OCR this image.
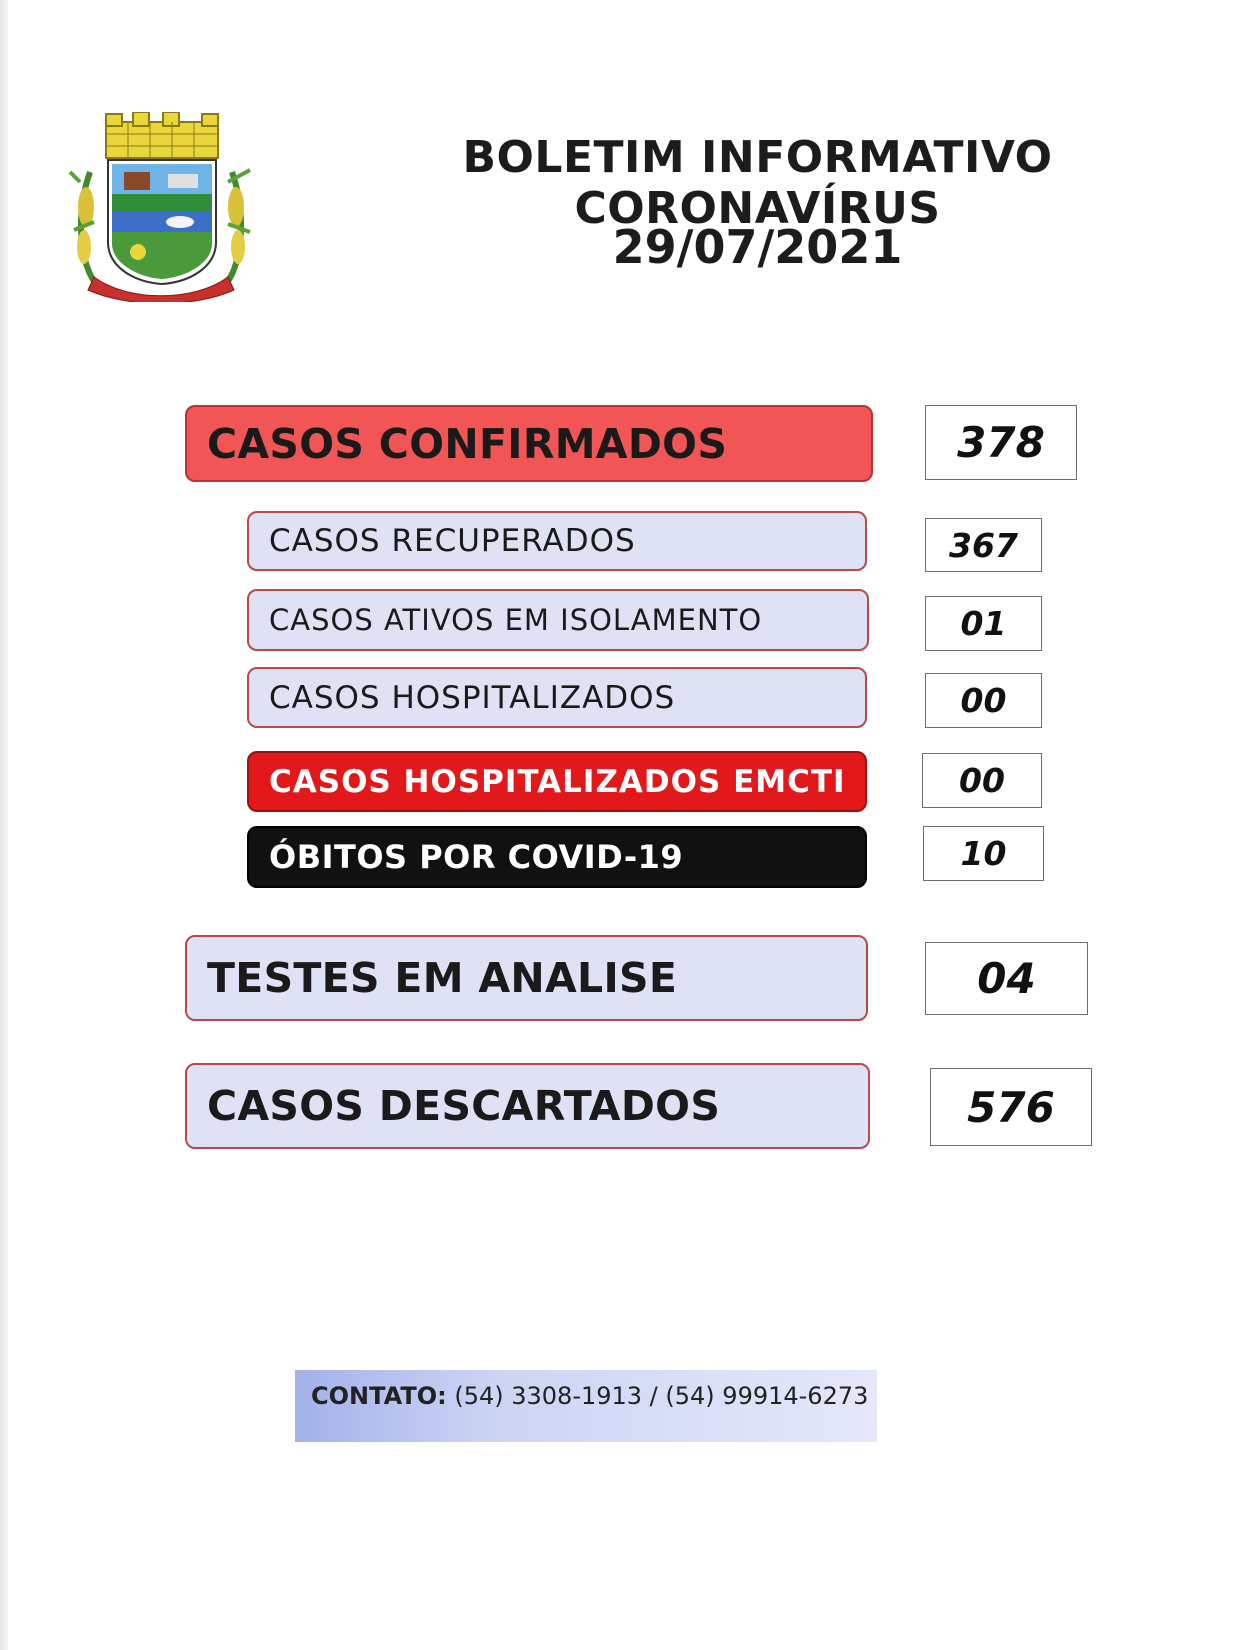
PONTÃO
BOLETIM INFORMATIVO CORONAVÍRUS
29/07/2021
CASOS CONFIRMADOS	378
CASOS RECUPERADOS	367
CASOS ATIVOS EM ISOLAMENTO	01
CASOS HOSPITALIZADOS	00
CASOS HOSPITALIZADOS EMCTI	00
ÓBITOS POR COVID-19	10
TESTES EM ANALISE	04
CASOS DESCARTADOS	576
CONTATO: (54) 3308-1913 / (54) 99914-6273
